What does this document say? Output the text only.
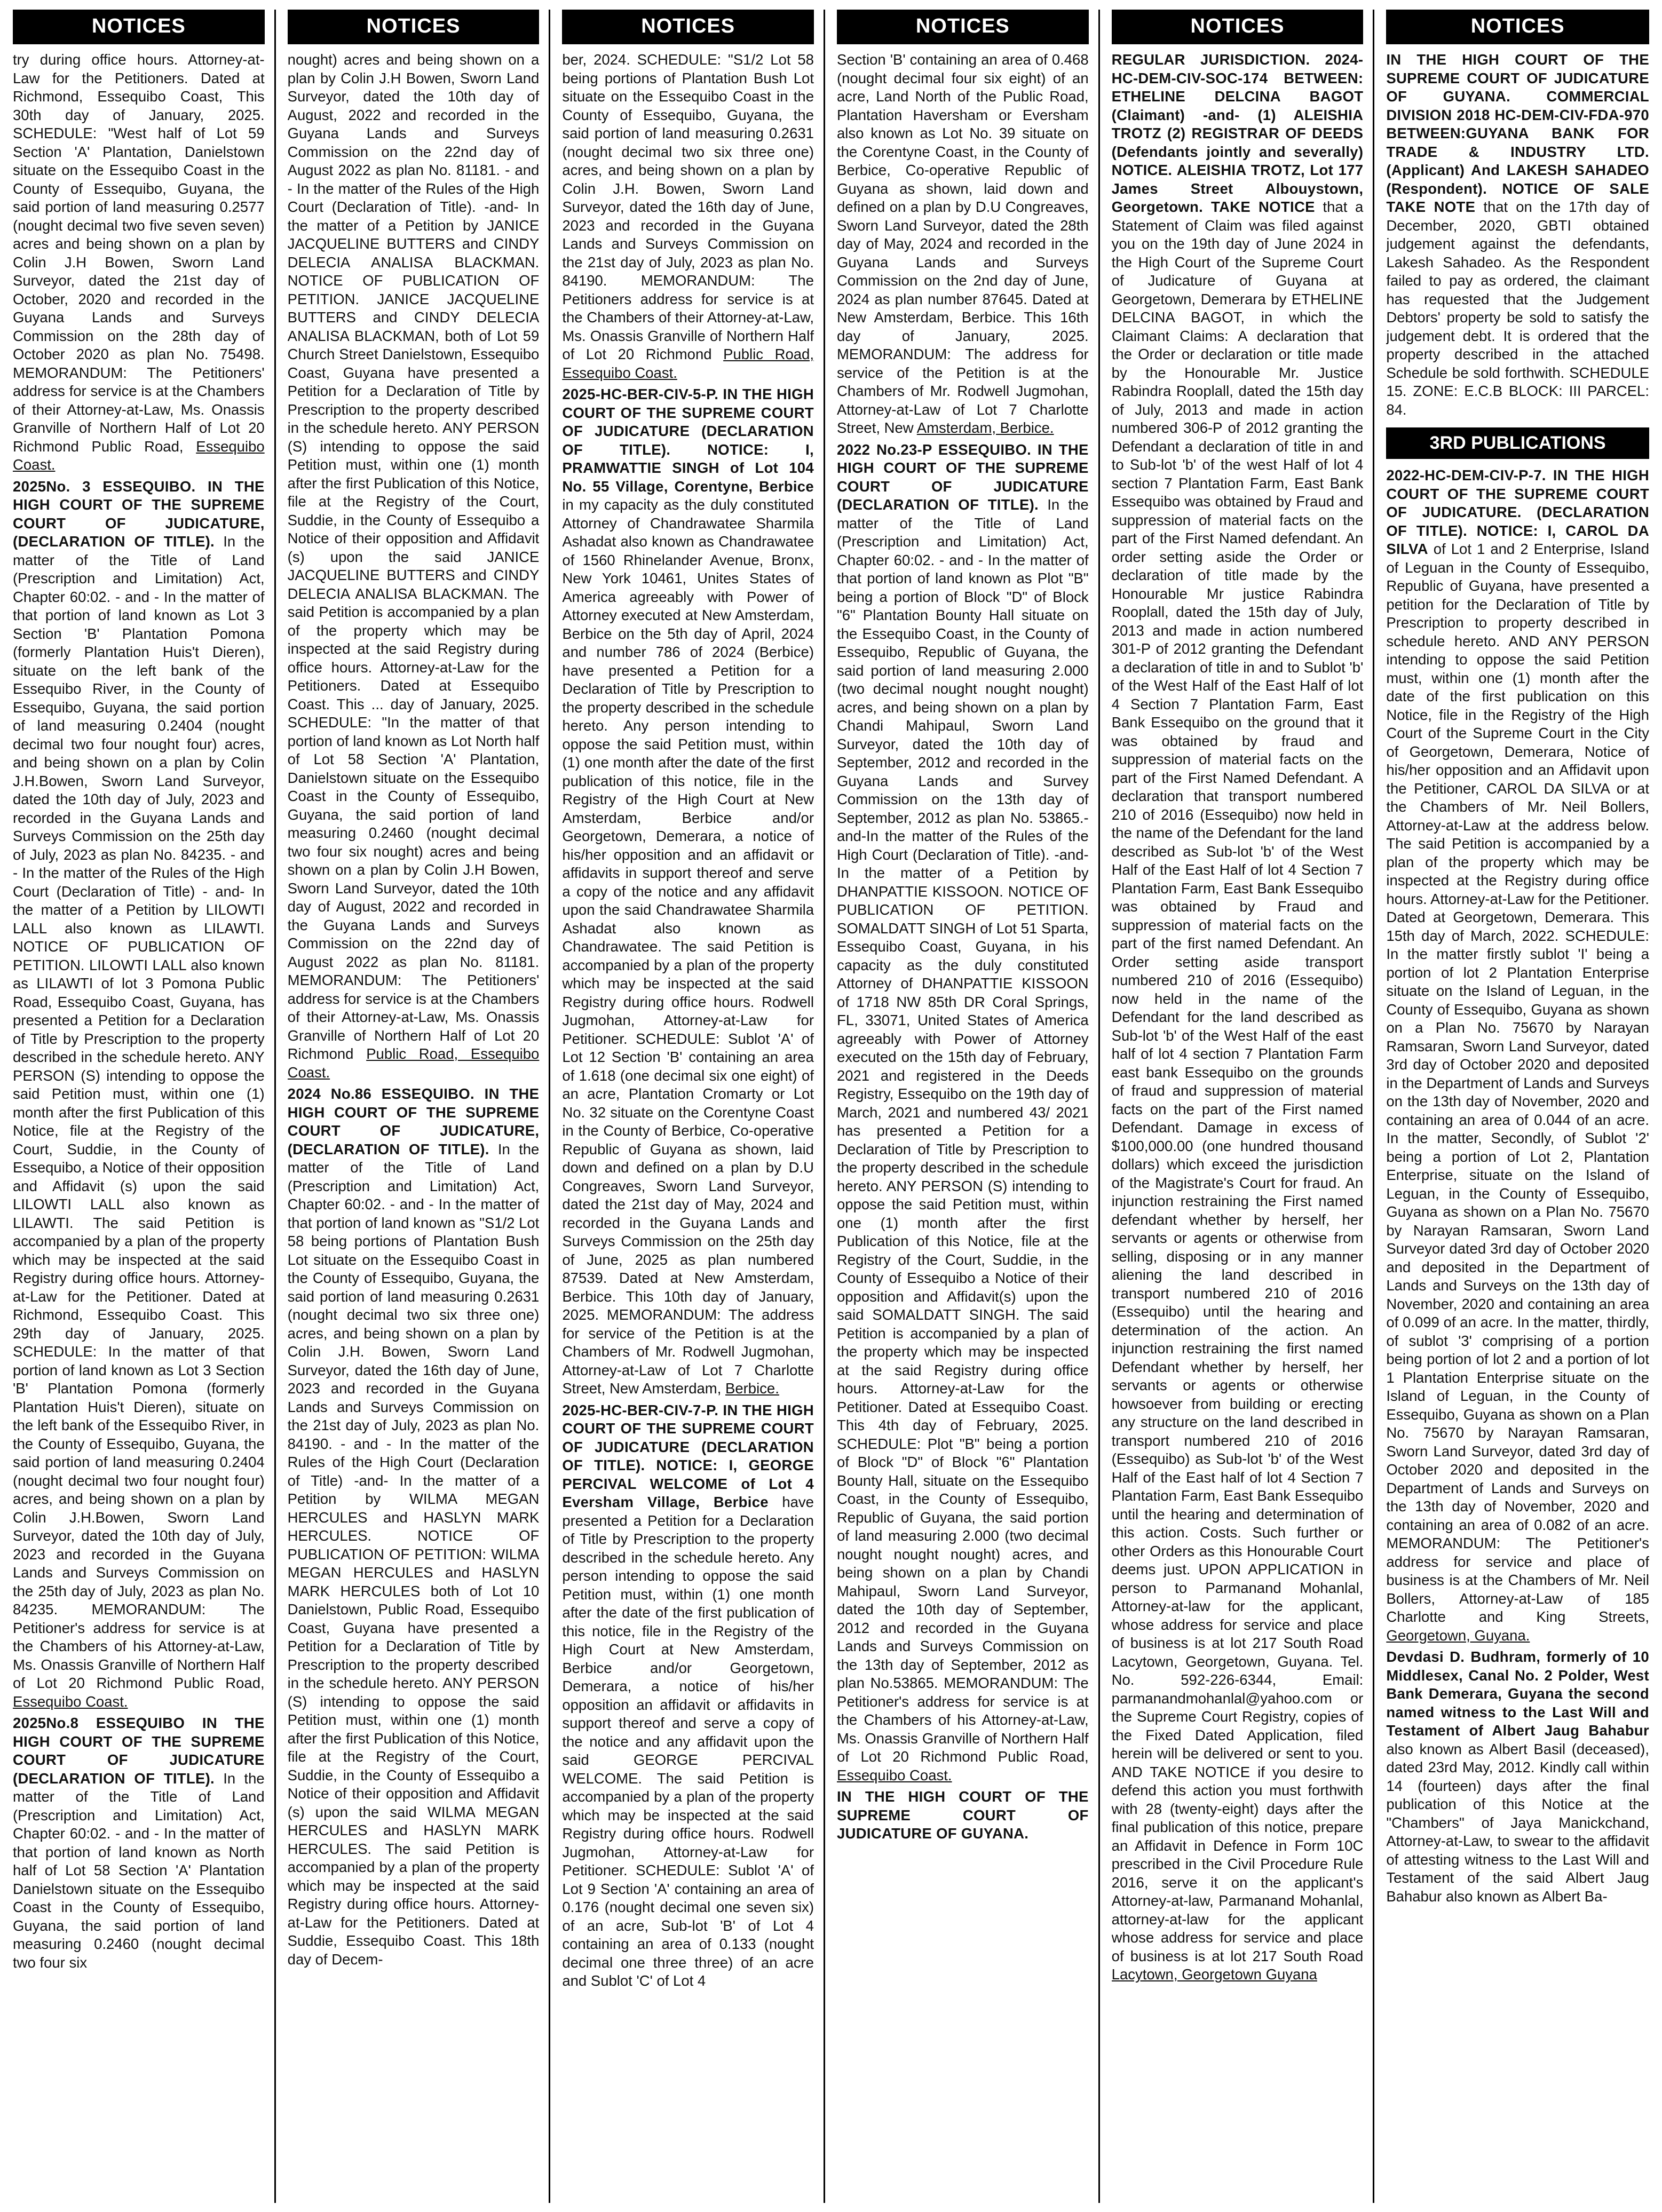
NOTICES

try during office hours. Attorney-at-Law for the Petitioners. Dated at Richmond, Essequibo Coast, This 30th day of January, 2025. SCHEDULE: "West half of Lot 59 Section 'A' Plantation, Danielstown situate on the Essequibo Coast in the County of Essequibo, Guyana, the said portion of land measuring 0.2577 (nought decimal two five seven seven) acres and being shown on a plan by Colin J.H Bowen, Sworn Land Surveyor, dated the 21st day of October, 2020 and recorded in the Guyana Lands and Surveys Commission on the 28th day of October 2020 as plan No. 75498. MEMORANDUM: The Petitioners' address for service is at the Chambers of their Attorney-at-Law, Ms. Onassis Granville of Northern Half of Lot 20 Richmond Public Road, Essequibo Coast.

2025No. 3 ESSEQUIBO. IN THE HIGH COURT OF THE SUPREME COURT OF JUDICATURE, (DECLARATION OF TITLE). In the matter of the Title of Land (Prescription and Limitation) Act, Chapter 60:02. - and - In the matter of that portion of land known as Lot 3 Section 'B' Plantation Pomona (formerly Plantation Huis't Dieren), situate on the left bank of the Essequibo River, in the County of Essequibo, Guyana, the said portion of land measuring 0.2404 (nought decimal two four nought four) acres, and being shown on a plan by Colin J.H.Bowen, Sworn Land Surveyor, dated the 10th day of July, 2023 and recorded in the Guyana Lands and Surveys Commission on the 25th day of July, 2023 as plan No. 84235. - and - In the matter of the Rules of the High Court (Declaration of Title) - and- In the matter of a Petition by LILOWTI LALL also known as LILAWTI. NOTICE OF PUBLICATION OF PETITION. LILOWTI LALL also known as LILAWTI of lot 3 Pomona Public Road, Essequibo Coast, Guyana, has presented a Petition for a Declaration of Title by Prescription to the property described in the schedule hereto. ANY PERSON (S) intending to oppose the said Petition must, within one (1) month after the first Publication of this Notice, file at the Registry of the Court, Suddie, in the County of Essequibo, a Notice of their opposition and Affidavit (s) upon the said LILOWTI LALL also known as LILAWTI. The said Petition is accompanied by a plan of the property which may be inspected at the said Registry during office hours. Attorney-at-Law for the Petitioner. Dated at Richmond, Essequibo Coast. This 29th day of January, 2025. SCHEDULE: In the matter of that portion of land known as Lot 3 Section 'B' Plantation Pomona (formerly Plantation Huis't Dieren), situate on the left bank of the Essequibo River, in the County of Essequibo, Guyana, the said portion of land measuring 0.2404 (nought decimal two four nought four) acres, and being shown on a plan by Colin J.H.Bowen, Sworn Land Surveyor, dated the 10th day of July, 2023 and recorded in the Guyana Lands and Surveys Commission on the 25th day of July, 2023 as plan No. 84235. MEMORANDUM: The Petitioner's address for service is at the Chambers of his Attorney-at-Law, Ms. Onassis Granville of Northern Half of Lot 20 Richmond Public Road, Essequibo Coast.

2025No.8 ESSEQUIBO IN THE HIGH COURT OF THE SUPREME COURT OF JUDICATURE (DECLARATION OF TITLE). In the matter of the Title of Land (Prescription and Limitation) Act, Chapter 60:02. - and - In the matter of that portion of land known as North half of Lot 58 Section 'A' Plantation Danielstown situate on the Essequibo Coast in the County of Essequibo, Guyana, the said portion of land measuring 0.2460 (nought decimal two four six

NOTICES

nought) acres and being shown on a plan by Colin J.H Bowen, Sworn Land Surveyor, dated the 10th day of August, 2022 and recorded in the Guyana Lands and Surveys Commission on the 22nd day of August 2022 as plan No. 81181. - and - In the matter of the Rules of the High Court (Declaration of Title). -and- In the matter of a Petition by JANICE JACQUELINE BUTTERS and CINDY DELECIA ANALISA BLACKMAN. NOTICE OF PUBLICATION OF PETITION. JANICE JACQUELINE BUTTERS and CINDY DELECIA ANALISA BLACKMAN, both of Lot 59 Church Street Danielstown, Essequibo Coast, Guyana have presented a Petition for a Declaration of Title by Prescription to the property described in the schedule hereto. ANY PERSON (S) intending to oppose the said Petition must, within one (1) month after the first Publication of this Notice, file at the Registry of the Court, Suddie, in the County of Essequibo a Notice of their opposition and Affidavit (s) upon the said JANICE JACQUELINE BUTTERS and CINDY DELECIA ANALISA BLACKMAN. The said Petition is accompanied by a plan of the property which may be inspected at the said Registry during office hours. Attorney-at-Law for the Petitioners. Dated at Essequibo Coast. This ... day of January, 2025. SCHEDULE: "In the matter of that portion of land known as Lot North half of Lot 58 Section 'A' Plantation, Danielstown situate on the Essequibo Coast in the County of Essequibo, Guyana, the said portion of land measuring 0.2460 (nought decimal two four six nought) acres and being shown on a plan by Colin J.H Bowen, Sworn Land Surveyor, dated the 10th day of August, 2022 and recorded in the Guyana Lands and Surveys Commission on the 22nd day of August 2022 as plan No. 81181. MEMORANDUM: The Petitioners' address for service is at the Chambers of their Attorney-at-Law, Ms. Onassis Granville of Northern Half of Lot 20 Richmond Public Road, Essequibo Coast.

2024 No.86 ESSEQUIBO. IN THE HIGH COURT OF THE SUPREME COURT OF JUDICATURE, (DECLARATION OF TITLE). In the matter of the Title of Land (Prescription and Limitation) Act, Chapter 60:02. - and - In the matter of that portion of land known as "S1/2 Lot 58 being portions of Plantation Bush Lot situate on the Essequibo Coast in the County of Essequibo, Guyana, the said portion of land measuring 0.2631 (nought decimal two six three one) acres, and being shown on a plan by Colin J.H. Bowen, Sworn Land Surveyor, dated the 16th day of June, 2023 and recorded in the Guyana Lands and Surveys Commission on the 21st day of July, 2023 as plan No. 84190. - and - In the matter of the Rules of the High Court (Declaration of Title) -and- In the matter of a Petition by WILMA MEGAN HERCULES and HASLYN MARK HERCULES. NOTICE OF PUBLICATION OF PETITION: WILMA MEGAN HERCULES and HASLYN MARK HERCULES both of Lot 10 Danielstown, Public Road, Essequibo Coast, Guyana have presented a Petition for a Declaration of Title by Prescription to the property described in the schedule hereto. ANY PERSON (S) intending to oppose the said Petition must, within one (1) month after the first Publication of this Notice, file at the Registry of the Court, Suddie, in the County of Essequibo a Notice of their opposition and Affidavit (s) upon the said WILMA MEGAN HERCULES and HASLYN MARK HERCULES. The said Petition is accompanied by a plan of the property which may be inspected at the said Registry during office hours. Attorney-at-Law for the Petitioners. Dated at Suddie, Essequibo Coast. This 18th day of Decem-

NOTICES

ber, 2024. SCHEDULE: "S1/2 Lot 58 being portions of Plantation Bush Lot situate on the Essequibo Coast in the County of Essequibo, Guyana, the said portion of land measuring 0.2631 (nought decimal two six three one) acres, and being shown on a plan by Colin J.H. Bowen, Sworn Land Surveyor, dated the 16th day of June, 2023 and recorded in the Guyana Lands and Surveys Commission on the 21st day of July, 2023 as plan No. 84190. MEMORANDUM: The Petitioners address for service is at the Chambers of their Attorney-at-Law, Ms. Onassis Granville of Northern Half of Lot 20 Richmond Public Road, Essequibo Coast.

2025-HC-BER-CIV-5-P. IN THE HIGH COURT OF THE SUPREME COURT OF JUDICATURE (DECLARATION OF TITLE). NOTICE: I, PRAMWATTIE SINGH of Lot 104 No. 55 Village, Corentyne, Berbice in my capacity as the duly constituted Attorney of Chandrawatee Sharmila Ashadat also known as Chandrawatee of 1560 Rhinelander Avenue, Bronx, New York 10461, Unites States of America agreeably with Power of Attorney executed at New Amsterdam, Berbice on the 5th day of April, 2024 and number 786 of 2024 (Berbice) have presented a Petition for a Declaration of Title by Prescription to the property described in the schedule hereto. Any person intending to oppose the said Petition must, within (1) one month after the date of the first publication of this notice, file in the Registry of the High Court at New Amsterdam, Berbice and/or Georgetown, Demerara, a notice of his/her opposition and an affidavit or affidavits in support thereof and serve a copy of the notice and any affidavit upon the said Chandrawatee Sharmila Ashadat also known as Chandrawatee. The said Petition is accompanied by a plan of the property which may be inspected at the said Registry during office hours. Rodwell Jugmohan, Attorney-at-Law for Petitioner. SCHEDULE: Sublot 'A' of Lot 12 Section 'B' containing an area of 1.618 (one decimal six one eight) of an acre, Plantation Cromarty or Lot No. 32 situate on the Corentyne Coast in the County of Berbice, Co-operative Republic of Guyana as shown, laid down and defined on a plan by D.U Congreaves, Sworn Land Surveyor, dated the 21st day of May, 2024 and recorded in the Guyana Lands and Surveys Commission on the 25th day of June, 2025 as plan numbered 87539. Dated at New Amsterdam, Berbice. This 10th day of January, 2025. MEMORANDUM: The address for service of the Petition is at the Chambers of Mr. Rodwell Jugmohan, Attorney-at-Law of Lot 7 Charlotte Street, New Amsterdam, Berbice.

2025-HC-BER-CIV-7-P. IN THE HIGH COURT OF THE SUPREME COURT OF JUDICATURE (DECLARATION OF TITLE). NOTICE: I, GEORGE PERCIVAL WELCOME of Lot 4 Eversham Village, Berbice have presented a Petition for a Declaration of Title by Prescription to the property described in the schedule hereto. Any person intending to oppose the said Petition must, within (1) one month after the date of the first publication of this notice, file in the Registry of the High Court at New Amsterdam, Berbice and/or Georgetown, Demerara, a notice of his/her opposition an affidavit or affidavits in support thereof and serve a copy of the notice and any affidavit upon the said GEORGE PERCIVAL WELCOME. The said Petition is accompanied by a plan of the property which may be inspected at the said Registry during office hours. Rodwell Jugmohan, Attorney-at-Law for Petitioner. SCHEDULE: Sublot 'A' of Lot 9 Section 'A' containing an area of 0.176 (nought decimal one seven six) of an acre, Sub-lot 'B' of Lot 4 containing an area of 0.133 (nought decimal one three three) of an acre and Sublot 'C' of Lot 4

NOTICES

Section 'B' containing an area of 0.468 (nought decimal four six eight) of an acre, Land North of the Public Road, Plantation Haversham or Eversham also known as Lot No. 39 situate on the Corentyne Coast, in the County of Berbice, Co-operative Republic of Guyana as shown, laid down and defined on a plan by D.U Congreaves, Sworn Land Surveyor, dated the 28th day of May, 2024 and recorded in the Guyana Lands and Surveys Commission on the 2nd day of June, 2024 as plan number 87645. Dated at New Amsterdam, Berbice. This 16th day of January, 2025. MEMORANDUM: The address for service of the Petition is at the Chambers of Mr. Rodwell Jugmohan, Attorney-at-Law of Lot 7 Charlotte Street, New Amsterdam, Berbice.

2022 No.23-P ESSEQUIBO. IN THE HIGH COURT OF THE SUPREME COURT OF JUDICATURE (DECLARATION OF TITLE). In the matter of the Title of Land (Prescription and Limitation) Act, Chapter 60:02. - and - In the matter of that portion of land known as Plot "B" being a portion of Block "D" of Block "6" Plantation Bounty Hall situate on the Essequibo Coast, in the County of Essequibo, Republic of Guyana, the said portion of land measuring 2.000 (two decimal nought nought nought) acres, and being shown on a plan by Chandi Mahipaul, Sworn Land Surveyor, dated the 10th day of September, 2012 and recorded in the Guyana Lands and Survey Commission on the 13th day of September, 2012 as plan No. 53865.- and-In the matter of the Rules of the High Court (Declaration of Title). -and- In the matter of a Petition by DHANPATTIE KISSOON. NOTICE OF PUBLICATION OF PETITION. SOMALDATT SINGH of Lot 51 Sparta, Essequibo Coast, Guyana, in his capacity as the duly constituted Attorney of DHANPATTIE KISSOON of 1718 NW 85th DR Coral Springs, FL, 33071, United States of America agreeably with Power of Attorney executed on the 15th day of February, 2021 and registered in the Deeds Registry, Essequibo on the 19th day of March, 2021 and numbered 43/ 2021 has presented a Petition for a Declaration of Title by Prescription to the property described in the schedule hereto. ANY PERSON (S) intending to oppose the said Petition must, within one (1) month after the first Publication of this Notice, file at the Registry of the Court, Suddie, in the County of Essequibo a Notice of their opposition and Affidavit(s) upon the said SOMALDATT SINGH. The said Petition is accompanied by a plan of the property which may be inspected at the said Registry during office hours. Attorney-at-Law for the Petitioner. Dated at Essequibo Coast. This 4th day of February, 2025. SCHEDULE: Plot "B" being a portion of Block "D" of Block "6" Plantation Bounty Hall, situate on the Essequibo Coast, in the County of Essequibo, Republic of Guyana, the said portion of land measuring 2.000 (two decimal nought nought nought) acres, and being shown on a plan by Chandi Mahipaul, Sworn Land Surveyor, dated the 10th day of September, 2012 and recorded in the Guyana Lands and Surveys Commission on the 13th day of September, 2012 as plan No.53865. MEMORANDUM: The Petitioner's address for service is at the Chambers of his Attorney-at-Law, Ms. Onassis Granville of Northern Half of Lot 20 Richmond Public Road, Essequibo Coast.

IN THE HIGH COURT OF THE SUPREME COURT OF JUDICATURE OF GUYANA.

NOTICES

REGULAR JURISDICTION. 2024-HC-DEM-CIV-SOC-174 BETWEEN: ETHELINE DELCINA BAGOT (Claimant) -and- (1) ALEISHIA TROTZ (2) REGISTRAR OF DEEDS (Defendants jointly and severally) NOTICE. ALEISHIA TROTZ, Lot 177 James Street Albouystown, Georgetown. TAKE NOTICE that a Statement of Claim was filed against you on the 19th day of June 2024 in the High Court of the Supreme Court of Judicature of Guyana at Georgetown, Demerara by ETHELINE DELCINA BAGOT, in which the Claimant Claims: A declaration that the Order or declaration or title made by the Honourable Mr. Justice Rabindra Rooplall, dated the 15th day of July, 2013 and made in action numbered 306-P of 2012 granting the Defendant a declaration of title in and to Sub-lot 'b' of the west Half of lot 4 section 7 Plantation Farm, East Bank Essequibo was obtained by Fraud and suppression of material facts on the part of the First Named defendant. An order setting aside the Order or declaration of title made by the Honourable Mr justice Rabindra Rooplall, dated the 15th day of July, 2013 and made in action numbered 301-P of 2012 granting the Defendant a declaration of title in and to Sublot 'b' of the West Half of the East Half of lot 4 Section 7 Plantation Farm, East Bank Essequibo on the ground that it was obtained by fraud and suppression of material facts on the part of the First Named Defendant. A declaration that transport numbered 210 of 2016 (Essequibo) now held in the name of the Defendant for the land described as Sub-lot 'b' of the West Half of the East Half of lot 4 Section 7 Plantation Farm, East Bank Essequibo was obtained by Fraud and suppression of material facts on the part of the first named Defendant. An Order setting aside transport numbered 210 of 2016 (Essequibo) now held in the name of the Defendant for the land described as Sub-lot 'b' of the West Half of the east half of lot 4 section 7 Plantation Farm east bank Essequibo on the grounds of fraud and suppression of material facts on the part of the First named Defendant. Damage in excess of $100,000.00 (one hundred thousand dollars) which exceed the jurisdiction of the Magistrate's Court for fraud. An injunction restraining the First named defendant whether by herself, her servants or agents or otherwise from selling, disposing or in any manner aliening the land described in transport numbered 210 of 2016 (Essequibo) until the hearing and determination of the action. An injunction restraining the first named Defendant whether by herself, her servants or agents or otherwise howsoever from building or erecting any structure on the land described in transport numbered 210 of 2016 (Essequibo) as Sub-lot 'b' of the West Half of the East half of lot 4 Section 7 Plantation Farm, East Bank Essequibo until the hearing and determination of this action. Costs. Such further or other Orders as this Honourable Court deems just. UPON APPLICATION in person to Parmanand Mohanlal, Attorney-at-law for the applicant, whose address for service and place of business is at lot 217 South Road Lacytown, Georgetown, Guyana. Tel. No. 592-226-6344, Email: parmanandmohanlal@yahoo.com or the Supreme Court Registry, copies of the Fixed Dated Application, filed herein will be delivered or sent to you. AND TAKE NOTICE if you desire to defend this action you must forthwith with 28 (twenty-eight) days after the final publication of this notice, prepare an Affidavit in Defence in Form 10C prescribed in the Civil Procedure Rule 2016, serve it on the applicant's Attorney-at-law, Parmanand Mohanlal, attorney-at-law for the applicant whose address for service and place of business is at lot 217 South Road Lacytown, Georgetown Guyana

NOTICES

IN THE HIGH COURT OF THE SUPREME COURT OF JUDICATURE OF GUYANA. COMMERCIAL DIVISION 2018 HC-DEM-CIV-FDA-970 BETWEEN:GUYANA BANK FOR TRADE & INDUSTRY LTD. (Applicant) And LAKESH SAHADEO (Respondent). NOTICE OF SALE TAKE NOTE that on the 17th day of December, 2020, GBTI obtained judgement against the defendants, Lakesh Sahadeo. As the Respondent failed to pay as ordered, the claimant has requested that the Judgement Debtors' property be sold to satisfy the judgement debt. It is ordered that the property described in the attached Schedule be sold forthwith. SCHEDULE 15. ZONE: E.C.B BLOCK: III PARCEL: 84.

3RD PUBLICATIONS

2022-HC-DEM-CIV-P-7. IN THE HIGH COURT OF THE SUPREME COURT OF JUDICATURE. (DECLARATION OF TITLE). NOTICE: I, CAROL DA SILVA of Lot 1 and 2 Enterprise, Island of Leguan in the County of Essequibo, Republic of Guyana, have presented a petition for the Declaration of Title by Prescription to property described in schedule hereto. AND ANY PERSON intending to oppose the said Petition must, within one (1) month after the date of the first publication on this Notice, file in the Registry of the High Court of the Supreme Court in the City of Georgetown, Demerara, Notice of his/her opposition and an Affidavit upon the Petitioner, CAROL DA SILVA or at the Chambers of Mr. Neil Bollers, Attorney-at-Law at the address below. The said Petition is accompanied by a plan of the property which may be inspected at the Registry during office hours. Attorney-at-Law for the Petitioner. Dated at Georgetown, Demerara. This 15th day of March, 2022. SCHEDULE: In the matter firstly sublot 'I' being a portion of lot 2 Plantation Enterprise situate on the Island of Leguan, in the County of Essequibo, Guyana as shown on a Plan No. 75670 by Narayan Ramsaran, Sworn Land Surveyor, dated 3rd day of October 2020 and deposited in the Department of Lands and Surveys on the 13th day of November, 2020 and containing an area of 0.044 of an acre. In the matter, Secondly, of Sublot '2' being a portion of Lot 2, Plantation Enterprise, situate on the Island of Leguan, in the County of Essequibo, Guyana as shown on a Plan No. 75670 by Narayan Ramsaran, Sworn Land Surveyor dated 3rd day of October 2020 and deposited in the Department of Lands and Surveys on the 13th day of November, 2020 and containing an area of 0.099 of an acre. In the matter, thirdly, of sublot '3' comprising of a portion being portion of lot 2 and a portion of lot 1 Plantation Enterprise situate on the Island of Leguan, in the County of Essequibo, Guyana as shown on a Plan No. 75670 by Narayan Ramsaran, Sworn Land Surveyor, dated 3rd day of October 2020 and deposited in the Department of Lands and Surveys on the 13th day of November, 2020 and containing an area of 0.082 of an acre. MEMORANDUM: The Petitioner's address for service and place of business is at the Chambers of Mr. Neil Bollers, Attorney-at-Law of 185 Charlotte and King Streets, Georgetown, Guyana.

Devdasi D. Budhram, formerly of 10 Middlesex, Canal No. 2 Polder, West Bank Demerara, Guyana the second named witness to the Last Will and Testament of Albert Jaug Bahabur also known as Albert Basil (deceased), dated 23rd May, 2012. Kindly call within 14 (fourteen) days after the final publication of this Notice at the "Chambers" of Jaya Manickchand, Attorney-at-Law, to swear to the affidavit of attesting witness to the Last Will and Testament of the said Albert Jaug Bahabur also known as Albert Ba-
